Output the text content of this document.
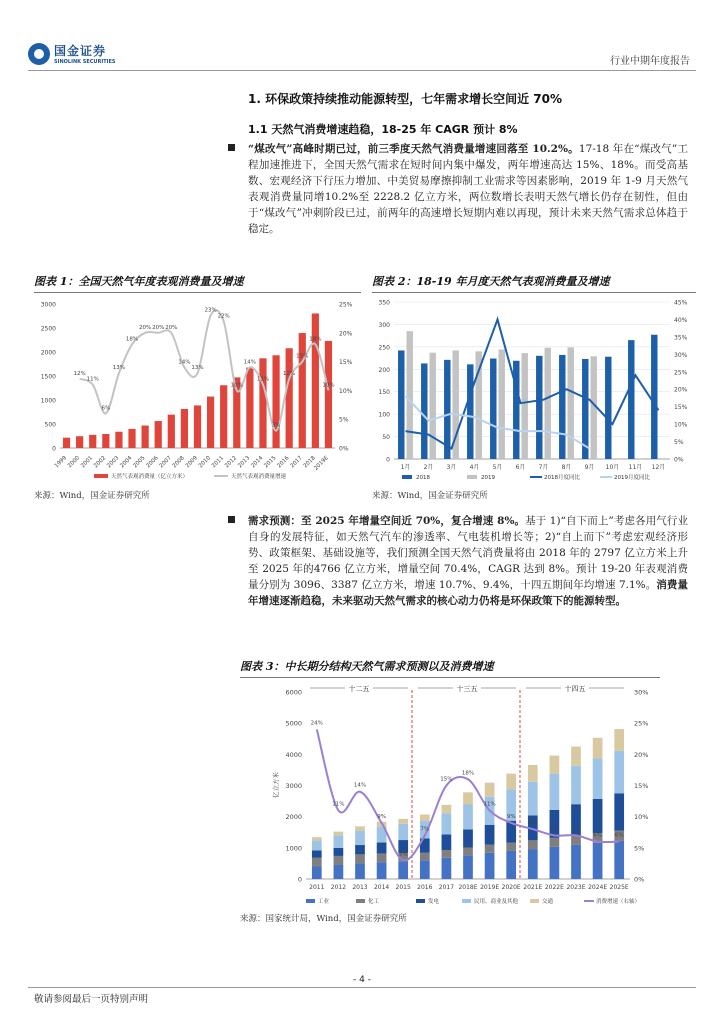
国金证券
SINOLINK SECURITIES	行业中期年度报告
1. 环保政策持续推动能源转型，七年需求增长空间近 70%
1.1 天然气消费增速趋稳，18-25 年 CAGR 预计 8%
“煤改气”高峰时期已过，前三季度天然气消费量增速回落至 10.2%。17-18 年在“煤改气”工程加速推进下，全国天然气需求在短时间内集中爆发，两年增速高达 15%、18%。而受高基数、宏观经济下行压力增加、中美贸易摩擦抑制工业需求等因素影响，2019 年 1-9 月天然气表观消费量同增10.2%至 2228.2 亿立方米，两位数增长表明天然气增长仍存在韧性，但由于“煤改气”冲刺阶段已过，前两年的高速增长短期内难以再现，预计未来天然气需求总体趋于稳定。
图表 1：全国天然气年度表观消费量及增速
0
500
1000
1500
2000
2500
3000
0%
5%
10%
15%
20%
25%
12%
11%
6%
13%
18%
20% 20% 20%
14%
13%
23%
22%
10%
14%
11%
3%
12%
15%
18%
10%
1999
2000
2001
2002
2003
2004
2005
2006
2007
2008
2009
2010
2011
2012
2013
2014
2015
2016
2017
2018
2019E
天然气表观消费量（亿立方米）	天然气表观消费量增速
来源：Wind，国金证券研究所
图表 2：18-19 年月度天然气表观消费量及增速
0
50
100
150
200
250
300
350
0%
5%
10%
15%
20%
25%
30%
35%
40%
45%
1月 2月 3月 4月 5月 6月 7月 8月 9月 10月 11月 12月
2018	2019	2018月度同比	2019月度同比
来源：Wind，国金证券研究所
需求预测：至 2025 年增量空间近 70%，复合增速 8%。基于 1)“自下而上”考虑各用气行业自身的发展特征，如天然气汽车的渗透率、气电装机增长等；2)“自上而下”考虑宏观经济形势、政策框架、基础设施等，我们预测全国天然气消费量将由 2018 年的 2797 亿立方米上升至 2025 年的4766 亿立方米，增量空间 70.4%，CAGR 达到 8%。预计 19-20 年表观消费量分别为 3096、3387 亿立方米，增速 10.7%、9.4%，十四五期间年均增速 7.1%。消费量年增速逐渐趋稳，未来驱动天然气需求的核心动力仍将是环保政策下的能源转型。
图表 3：中长期分结构天然气需求预测以及消费增速
0
1000
2000
3000
4000
5000
6000
0%
5%
10%
15%
20%
25%
30%
亿立方米
十二五	十三五	十四五
24%
11%
14%
9%
3%
7%
15%
18%
11%
9%
8%
7% 7%
6% 6%
2011 2012 2013 2014 2015 2016 2017 2018E 2019E 2020E 2021E 2022E 2023E 2024E 2025E
工业	化工	发电	民用、商业及其他	交通	消费增速（右轴）
来源：国家统计局，Wind，国金证券研究所
- 4 -
敬请参阅最后一页特别声明
